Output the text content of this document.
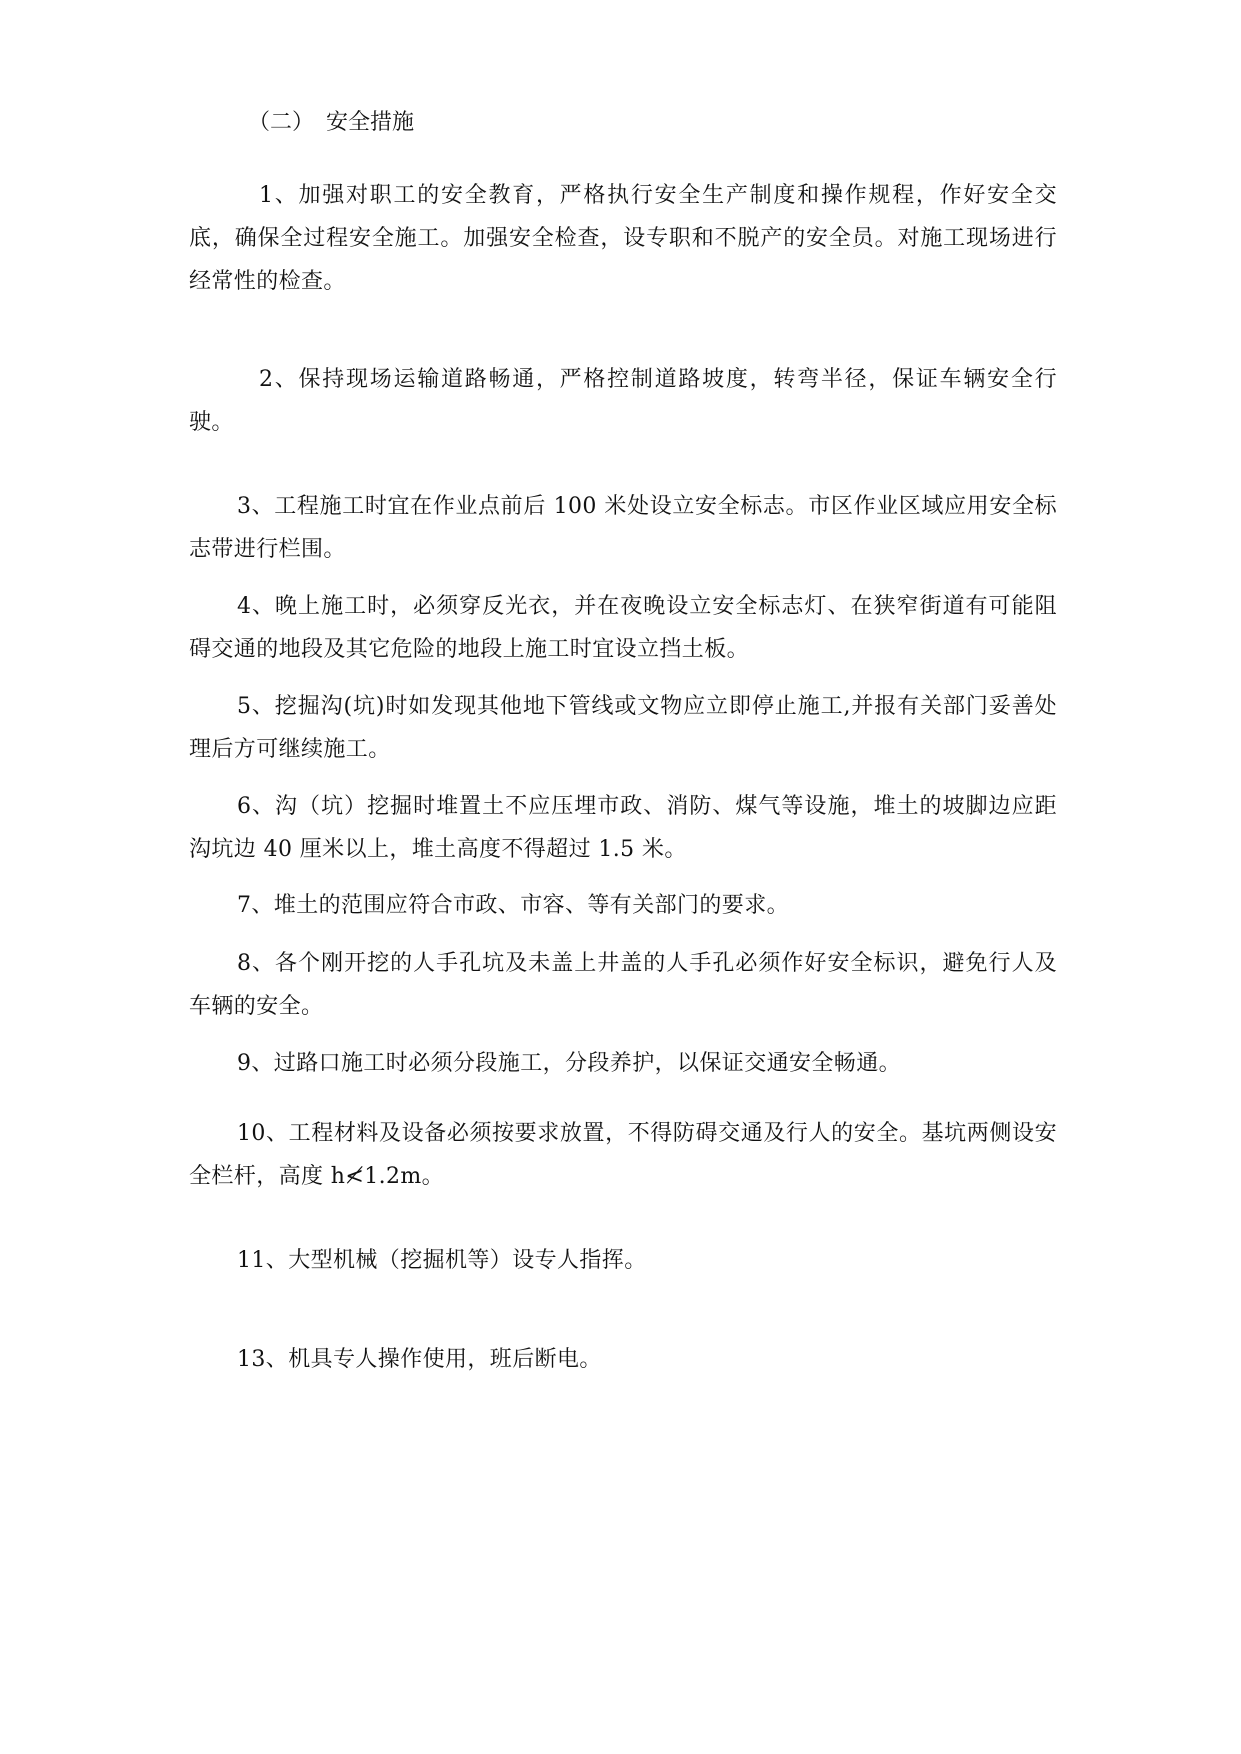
（二） 安全措施

1、加强对职工的安全教育，严格执行安全生产制度和操作规程，作好安全交底，确保全过程安全施工。加强安全检查，设专职和不脱产的安全员。对施工现场进行经常性的检查。

2、保持现场运输道路畅通，严格控制道路坡度，转弯半径，保证车辆安全行驶。

3、工程施工时宜在作业点前后 100 米处设立安全标志。市区作业区域应用安全标志带进行栏围。

4、晚上施工时，必须穿反光衣，并在夜晚设立安全标志灯、在狭窄街道有可能阻碍交通的地段及其它危险的地段上施工时宜设立挡土板。

5、挖掘沟(坑)时如发现其他地下管线或文物应立即停止施工,并报有关部门妥善处理后方可继续施工。

6、沟（坑）挖掘时堆置土不应压埋市政、消防、煤气等设施，堆土的坡脚边应距沟坑边 40 厘米以上，堆土高度不得超过 1.5 米。

7、堆土的范围应符合市政、市容、等有关部门的要求。

8、各个刚开挖的人手孔坑及未盖上井盖的人手孔必须作好安全标识，避免行人及车辆的安全。

9、过路口施工时必须分段施工，分段养护，以保证交通安全畅通。

10、工程材料及设备必须按要求放置，不得防碍交通及行人的安全。基坑两侧设安全栏杆，高度 h≮1.2m。

11、大型机械（挖掘机等）设专人指挥。

13、机具专人操作使用，班后断电。
